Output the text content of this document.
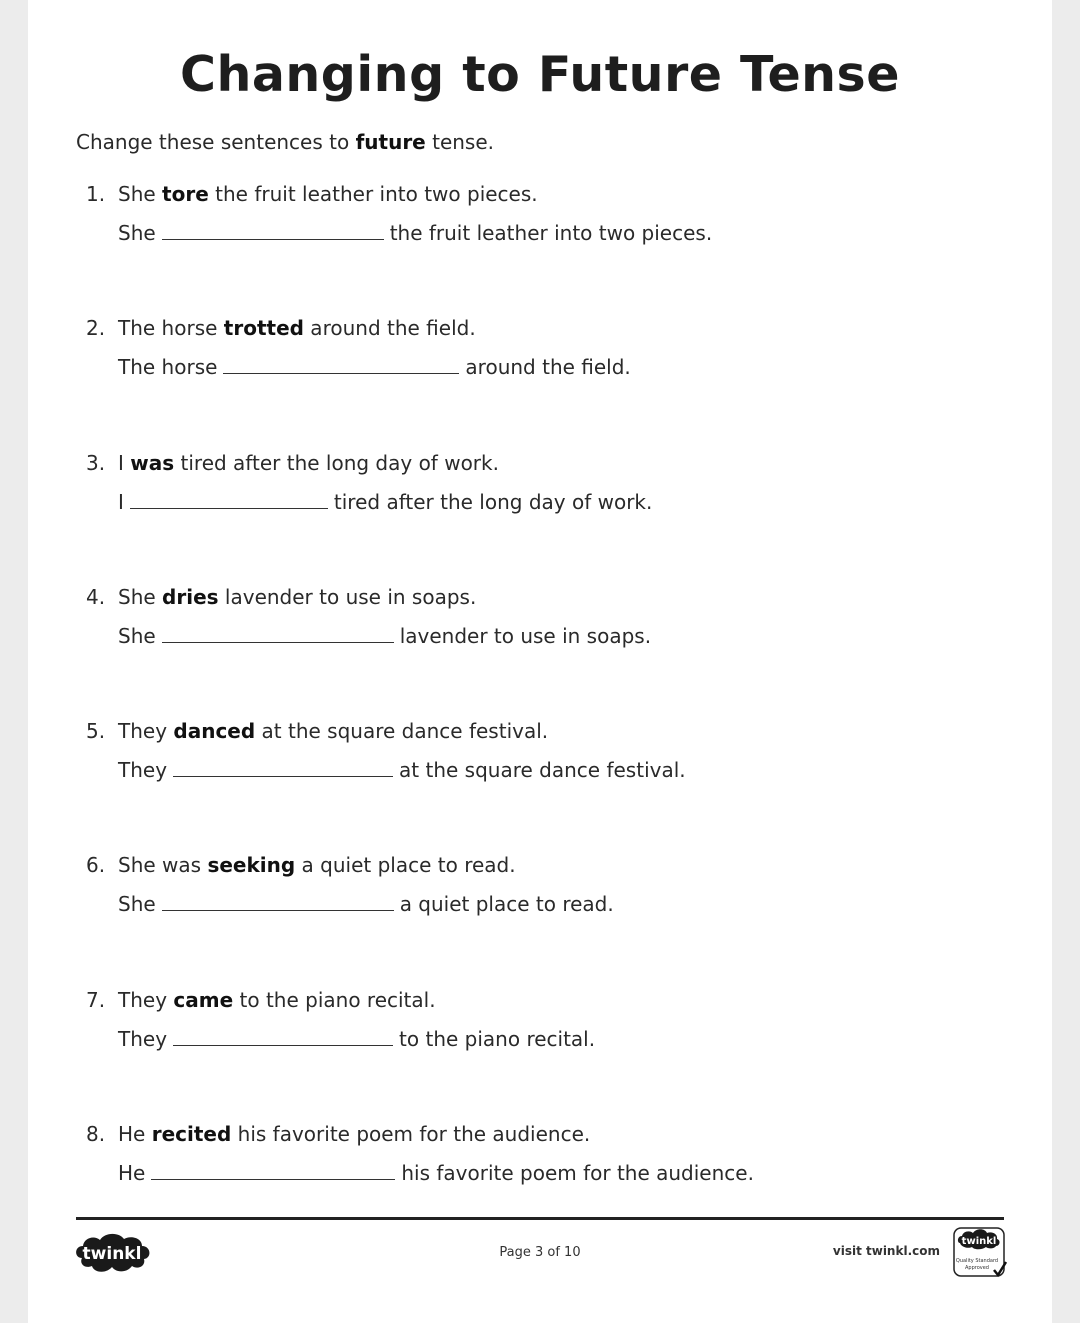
Changing to Future Tense
Change these sentences to future tense.
1. She tore the fruit leather into two pieces.
She	the fruit leather into two pieces.
2. The horse trotted around the field.
The horse	around the field.
3. I was tired after the long day of work.
I	tired after the long day of work.
4. She dries lavender to use in soaps.
She	lavender to use in soaps.
5. They danced at the square dance festival.
They	at the square dance festival.
6. She was seeking a quiet place to read.
She	a quiet place to read.
7. They came to the piano recital.
They	to the piano recital.
8. He recited his favorite poem for the audience.
He	his favorite poem for the audience.
twinkl	Page 3 of 10	visit twinkl.com
twinkl
Quality Standard
Approved
